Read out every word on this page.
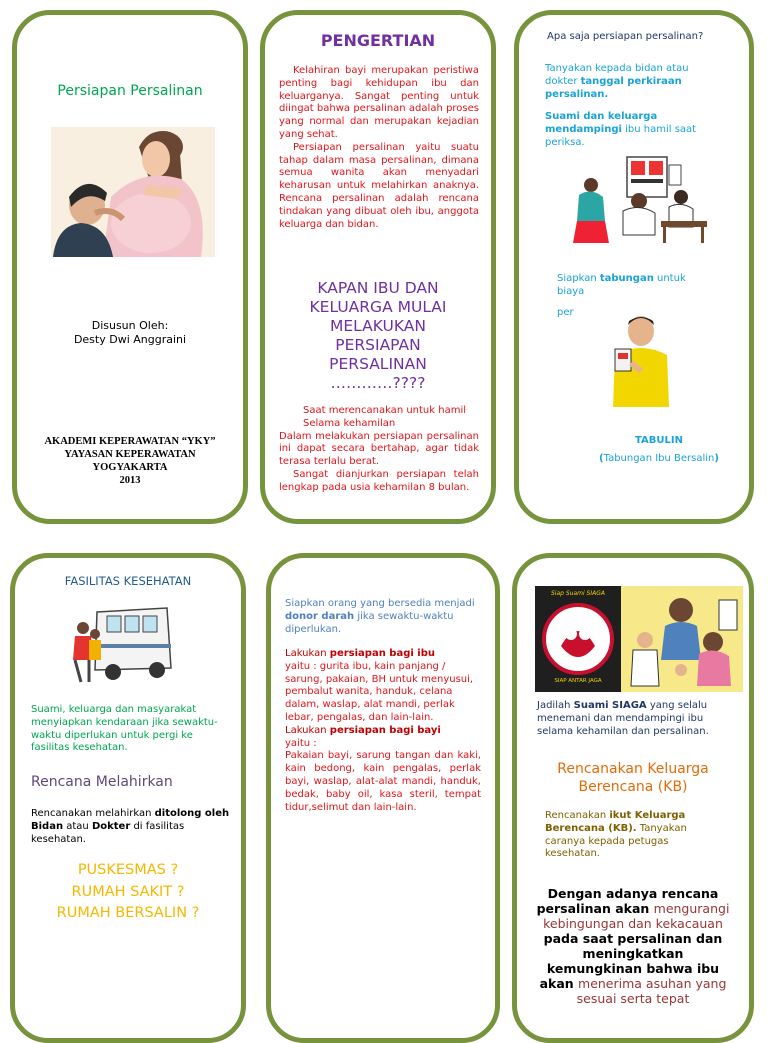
Persiapan Persalinan
Disusun Oleh:
Desty Dwi Anggraini
AKADEMI KEPERAWATAN “YKY”
YAYASAN KEPERAWATAN
YOGYAKARTA
2013
PENGERTIAN

Kelahiran bayi merupakan peristiwa penting bagi kehidupan ibu dan keluarganya. Sangat penting untuk diingat bahwa persalinan adalah proses yang normal dan merupakan kejadian yang sehat.

Persiapan persalinan yaitu suatu tahap dalam masa persalinan, dimana semua wanita akan menyadari keharusan untuk melahirkan anaknya. Rencana persalinan adalah rencana tindakan yang dibuat oleh ibu, anggota keluarga dan bidan.

KAPAN IBU DAN
KELUARGA MULAI
MELAKUKAN
PERSIAPAN
PERSALINAN
…………????

Saat merencanakan untuk hamil

Selama kehamilan

Dalam melakukan persiapan persalinan ini dapat secara bertahap, agar tidak terasa terlalu berat.

Sangat dianjurkan persiapan telah lengkap pada usia kehamilan 8 bulan.

Apa saja persiapan persalinan?

Tanyakan kepada bidan atau dokter tanggal perkiraan persalinan.

Suami dan keluarga mendampingi ibu hamil saat periksa.

Siapkan tabungan untuk biaya

per
TABULIN

(Tabungan Ibu Bersalin)

FASILITAS KESEHATAN

Suami, keluarga dan masyarakat menyiapkan kendaraan jika sewaktu-waktu diperlukan untuk pergi ke fasilitas kesehatan.

Rencana Melahirkan

Rencanakan melahirkan ditolong oleh Bidan atau Dokter di fasilitas kesehatan.

PUSKESMAS ?
RUMAH SAKIT ?
RUMAH BERSALIN ?

Siapkan orang yang bersedia menjadi donor darah jika sewaktu-waktu diperlukan.

Lakukan persiapan bagi ibu

yaitu : gurita ibu, kain panjang / sarung, pakaian, BH untuk menyusui, pembalut wanita, handuk, celana dalam, waslap, alat mandi, perlak lebar, pengalas, dan lain-lain.

Lakukan persiapan bagi bayi

yaitu :

Pakaian bayi, sarung tangan dan kaki, kain bedong, kain pengalas, perlak bayi, waslap, alat-alat mandi, handuk, bedak, baby oil, kasa steril, tempat tidur,selimut dan lain-lain.

Siap Suami SIAGA
SIAP ANTAR JAGA

Jadilah Suami SIAGA yang selalu menemani dan mendampingi ibu selama kehamilan dan persalinan.

Rencanakan Keluarga
Berencana (KB)

Rencanakan ikut Keluarga Berencana (KB). Tanyakan caranya kepada petugas kesehatan.

Dengan adanya rencana persalinan akan mengurangi kebingungan dan kekacauan pada saat persalinan dan meningkatkan kemungkinan bahwa ibu akan menerima asuhan yang sesuai serta tepat
